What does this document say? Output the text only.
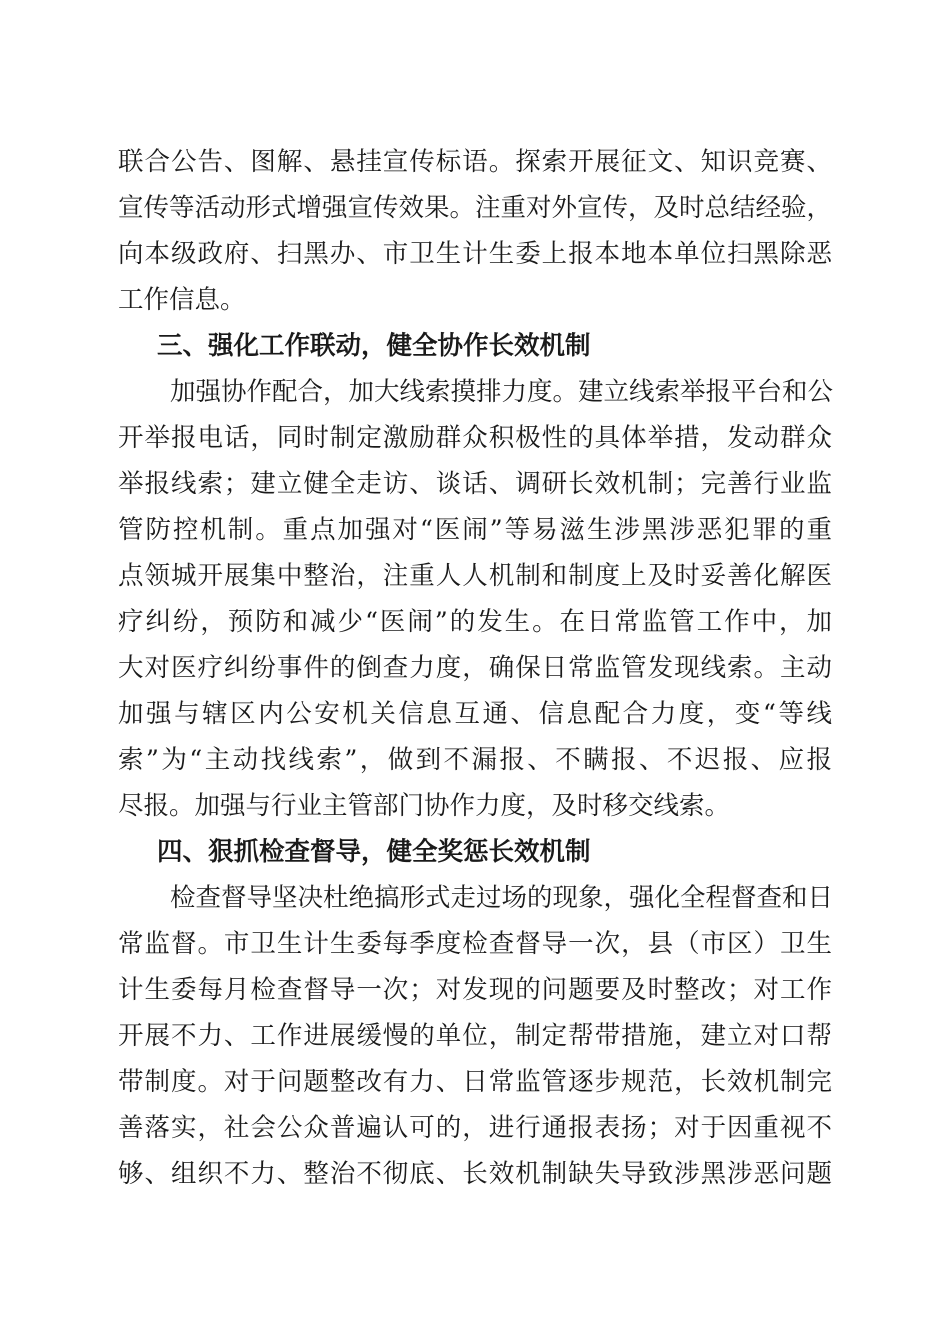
联合公告、图解、悬挂宣传标语。探索开展征文、知识竞赛、
宣传等活动形式增强宣传效果。注重对外宣传，及时总结经验，
向本级政府、扫黑办、市卫生计生委上报本地本单位扫黑除恶
工作信息。
三、强化工作联动，健全协作长效机制
加强协作配合，加大线索摸排力度。建立线索举报平台和公
开举报电话，同时制定激励群众积极性的具体举措，发动群众
举报线索；建立健全走访、谈话、调研长效机制；完善行业监
管防控机制。重点加强对“医闹”等易滋生涉黑涉恶犯罪的重
点领城开展集中整治，注重人人机制和制度上及时妥善化解医
疗纠纷，预防和减少“医闹”的发生。在日常监管工作中，加
大对医疗纠纷事件的倒查力度，确保日常监管发现线索。主动
加强与辖区内公安机关信息互通、信息配合力度，变“等线
索”为“主动找线索”，做到不漏报、不瞒报、不迟报、应报
尽报。加强与行业主管部门协作力度，及时移交线索。
四、狠抓检查督导，健全奖惩长效机制
检查督导坚决杜绝搞形式走过场的现象，强化全程督查和日
常监督。市卫生计生委每季度检查督导一次，县（市区）卫生
计生委每月检查督导一次；对发现的问题要及时整改；对工作
开展不力、工作进展缓慢的单位，制定帮带措施，建立对口帮
带制度。对于问题整改有力、日常监管逐步规范，长效机制完
善落实，社会公众普遍认可的，进行通报表扬；对于因重视不
够、组织不力、整治不彻底、长效机制缺失导致涉黑涉恶问题
